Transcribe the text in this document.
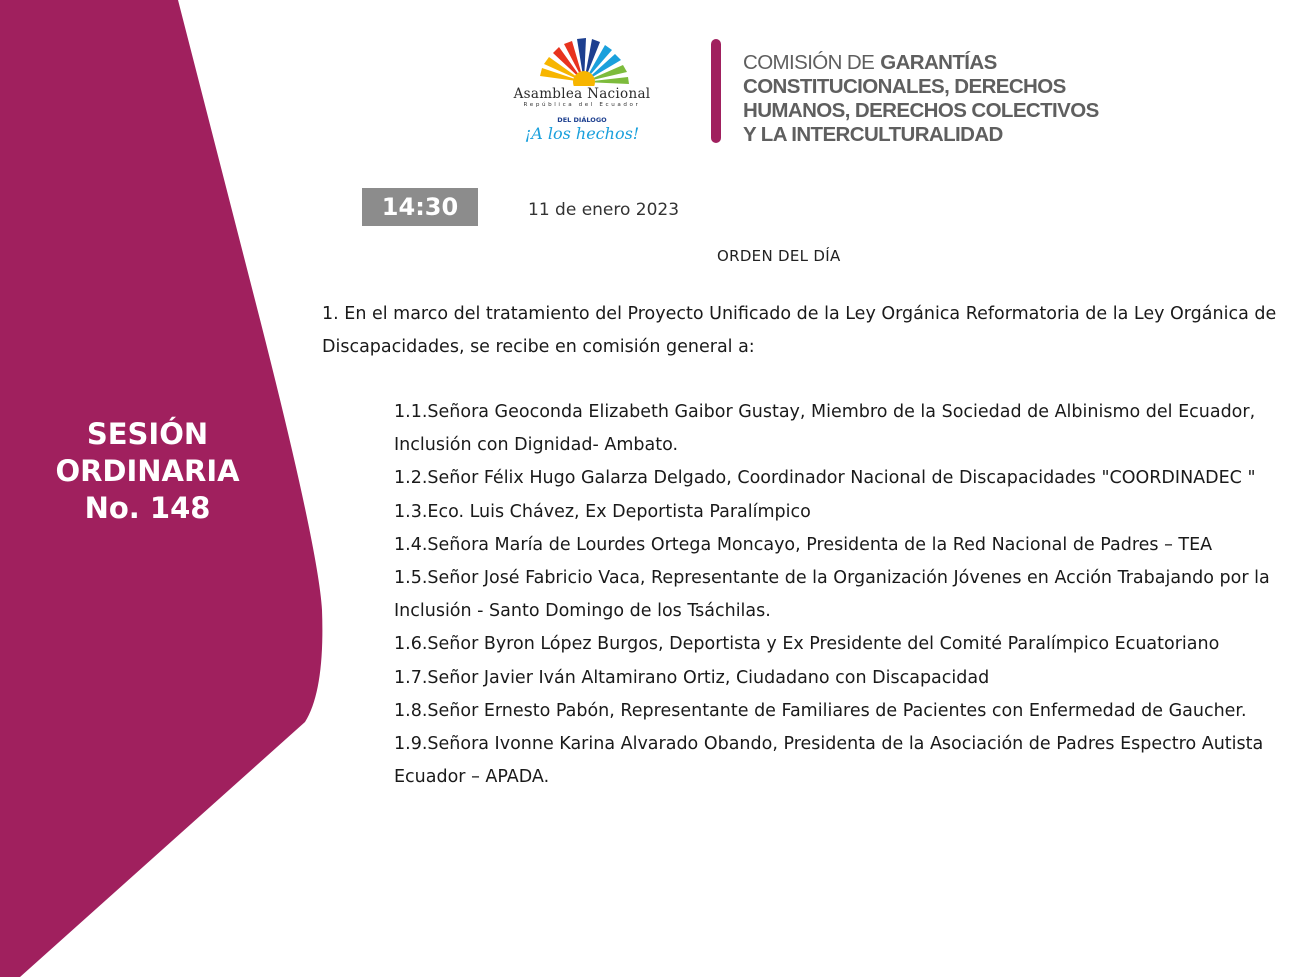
SESIÓN
ORDINARIA
No. 148
Asamblea Nacional
República del Ecuador
DEL DIÁLOGO
¡A los hechos!
COMISIÓN DE GARANTÍAS
CONSTITUCIONALES, DERECHOS
HUMANOS, DERECHOS COLECTIVOS
Y LA INTERCULTURALIDAD
14:30	11 de enero 2023
ORDEN DEL DÍA
1. En el marco del tratamiento del Proyecto Unificado de la Ley Orgánica Reformatoria de la Ley Orgánica de Discapacidades, se recibe en comisión general a:
1.1.Señora Geoconda Elizabeth Gaibor Gustay, Miembro de la Sociedad de Albinismo del Ecuador, Inclusión con Dignidad- Ambato.
1.2.Señor Félix Hugo Galarza Delgado, Coordinador Nacional de Discapacidades "COORDINADEC "
1.3.Eco. Luis Chávez, Ex Deportista Paralímpico
1.4.Señora María de Lourdes Ortega Moncayo, Presidenta de la Red Nacional de Padres – TEA
1.5.Señor José Fabricio Vaca, Representante de la Organización Jóvenes en Acción Trabajando por la Inclusión - Santo Domingo de los Tsáchilas.
1.6.Señor Byron López Burgos, Deportista y Ex Presidente del Comité Paralímpico Ecuatoriano
1.7.Señor Javier Iván Altamirano Ortiz, Ciudadano con Discapacidad
1.8.Señor Ernesto Pabón, Representante de Familiares de Pacientes con Enfermedad de Gaucher.
1.9.Señora Ivonne Karina Alvarado Obando, Presidenta de la Asociación de Padres Espectro Autista Ecuador – APADA.
